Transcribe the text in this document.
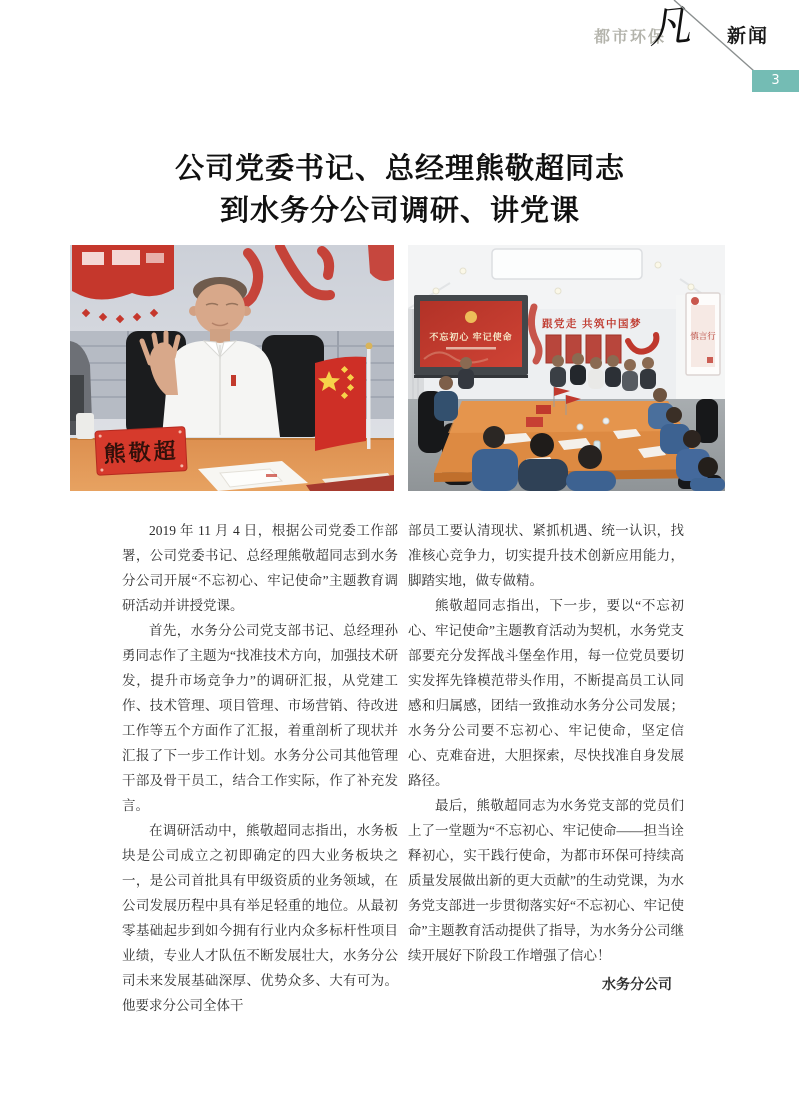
都市环保
凡 新闻
3
公司党委书记、总经理熊敬超同志
到水务分公司调研、讲党课
熊敬超
不忘初心 牢记使命
跟党走 共筑中国梦
慎言行

2019 年 11 月 4 日，根据公司党委工作部署，公司党委书记、总经理熊敬超同志到水务分公司开展“不忘初心、牢记使命”主题教育调研活动并讲授党课。

首先，水务分公司党支部书记、总经理孙勇同志作了主题为“找准技术方向，加强技术研发，提升市场竞争力”的调研汇报，从党建工作、技术管理、项目管理、市场营销、待改进工作等五个方面作了汇报，着重剖析了现状并汇报了下一步工作计划。水务分公司其他管理干部及骨干员工，结合工作实际，作了补充发言。

在调研活动中，熊敬超同志指出，水务板块是公司成立之初即确定的四大业务板块之一，是公司首批具有甲级资质的业务领域，在公司发展历程中具有举足轻重的地位。从最初零基础起步到如今拥有行业内众多标杆性项目业绩，专业人才队伍不断发展壮大，水务分公司未来发展基础深厚、优势众多、大有可为。他要求分公司全体干

部员工要认清现状、紧抓机遇、统一认识，找准核心竞争力，切实提升技术创新应用能力，脚踏实地，做专做精。

熊敬超同志指出，下一步，要以“不忘初心、牢记使命”主题教育活动为契机，水务党支部要充分发挥战斗堡垒作用，每一位党员要切实发挥先锋模范带头作用，不断提高员工认同感和归属感，团结一致推动水务分公司发展；水务分公司要不忘初心、牢记使命，坚定信心、克难奋进，大胆探索，尽快找准自身发展路径。

最后，熊敬超同志为水务党支部的党员们上了一堂题为“不忘初心、牢记使命——担当诠释初心，实干践行使命，为都市环保可持续高质量发展做出新的更大贡献”的生动党课，为水务党支部进一步贯彻落实好“不忘初心、牢记使命”主题教育活动提供了指导，为水务分公司继续开展好下阶段工作增强了信心！

水务分公司
